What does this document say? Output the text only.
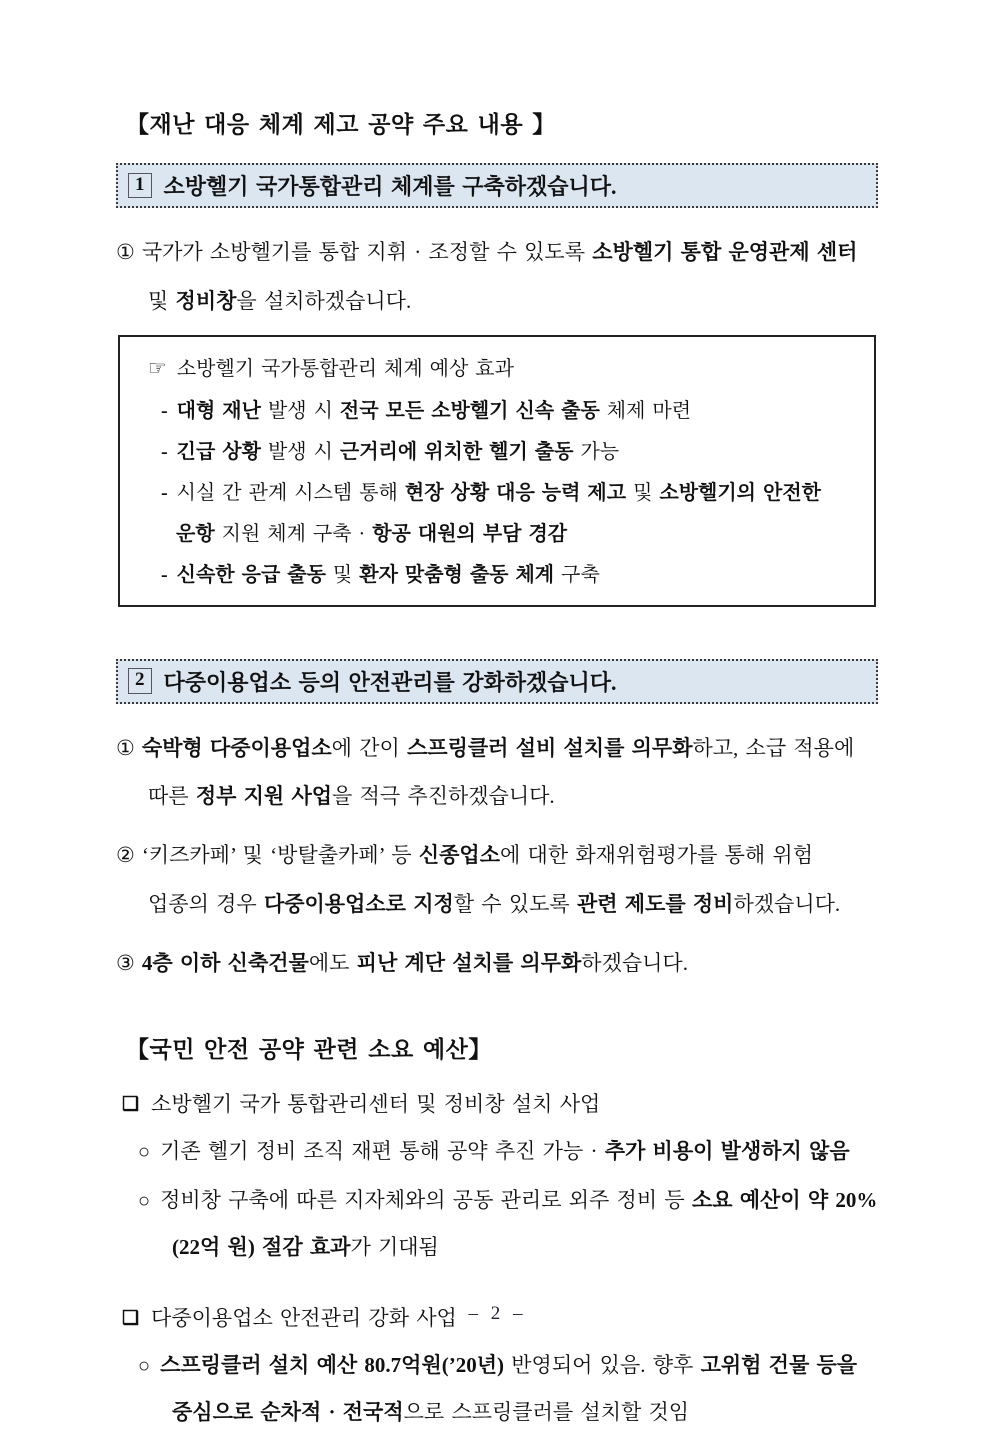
【재난 대응 체계 제고 공약 주요 내용 】
1 소방헬기 국가통합관리 체계를 구축하겠습니다.

① 국가가 소방헬기를 통합 지휘 · 조정할 수 있도록 소방헬기 통합 운영관제 센터 및 정비창을 설치하겠습니다.

☞ 소방헬기 국가통합관리 체계 예상 효과
- 대형 재난 발생 시 전국 모든 소방헬기 신속 출동 체제 마련
- 긴급 상황 발생 시 근거리에 위치한 헬기 출동 가능
- 시실 간 관계 시스템 통해 현장 상황 대응 능력 제고 및 소방헬기의 안전한 운항 지원 체계 구축 · 항공 대원의 부담 경감
- 신속한 응급 출동 및 환자 맞춤형 출동 체계 구축
2 다중이용업소 등의 안전관리를 강화하겠습니다.

① 숙박형 다중이용업소에 간이 스프링클러 설비 설치를 의무화하고, 소급 적용에 따른 정부 지원 사업을 적극 추진하겠습니다.

② ‘키즈카페’ 및 ‘방탈출카페’ 등 신종업소에 대한 화재위험평가를 통해 위험 업종의 경우 다중이용업소로 지정할 수 있도록 관련 제도를 정비하겠습니다.

③ 4층 이하 신축건물에도 피난 계단 설치를 의무화하겠습니다.

【국민 안전 공약 관련 소요 예산】
❑ 소방헬기 국가 통합관리센터 및 정비창 설치 사업
○ 기존 헬기 정비 조직 재편 통해 공약 추진 가능 · 추가 비용이 발생하지 않음
○ 정비창 구축에 따른 지자체와의 공동 관리로 외주 정비 등 소요 예산이 약 20%(22억 원) 절감 효과가 기대됨
❑ 다중이용업소 안전관리 강화 사업
○ 스프링클러 설치 예산 80.7억원(’20년) 반영되어 있음. 향후 고위험 건물 등을 중심으로 순차적 · 전국적으로 스프링클러를 설치할 것임
– 2 –
